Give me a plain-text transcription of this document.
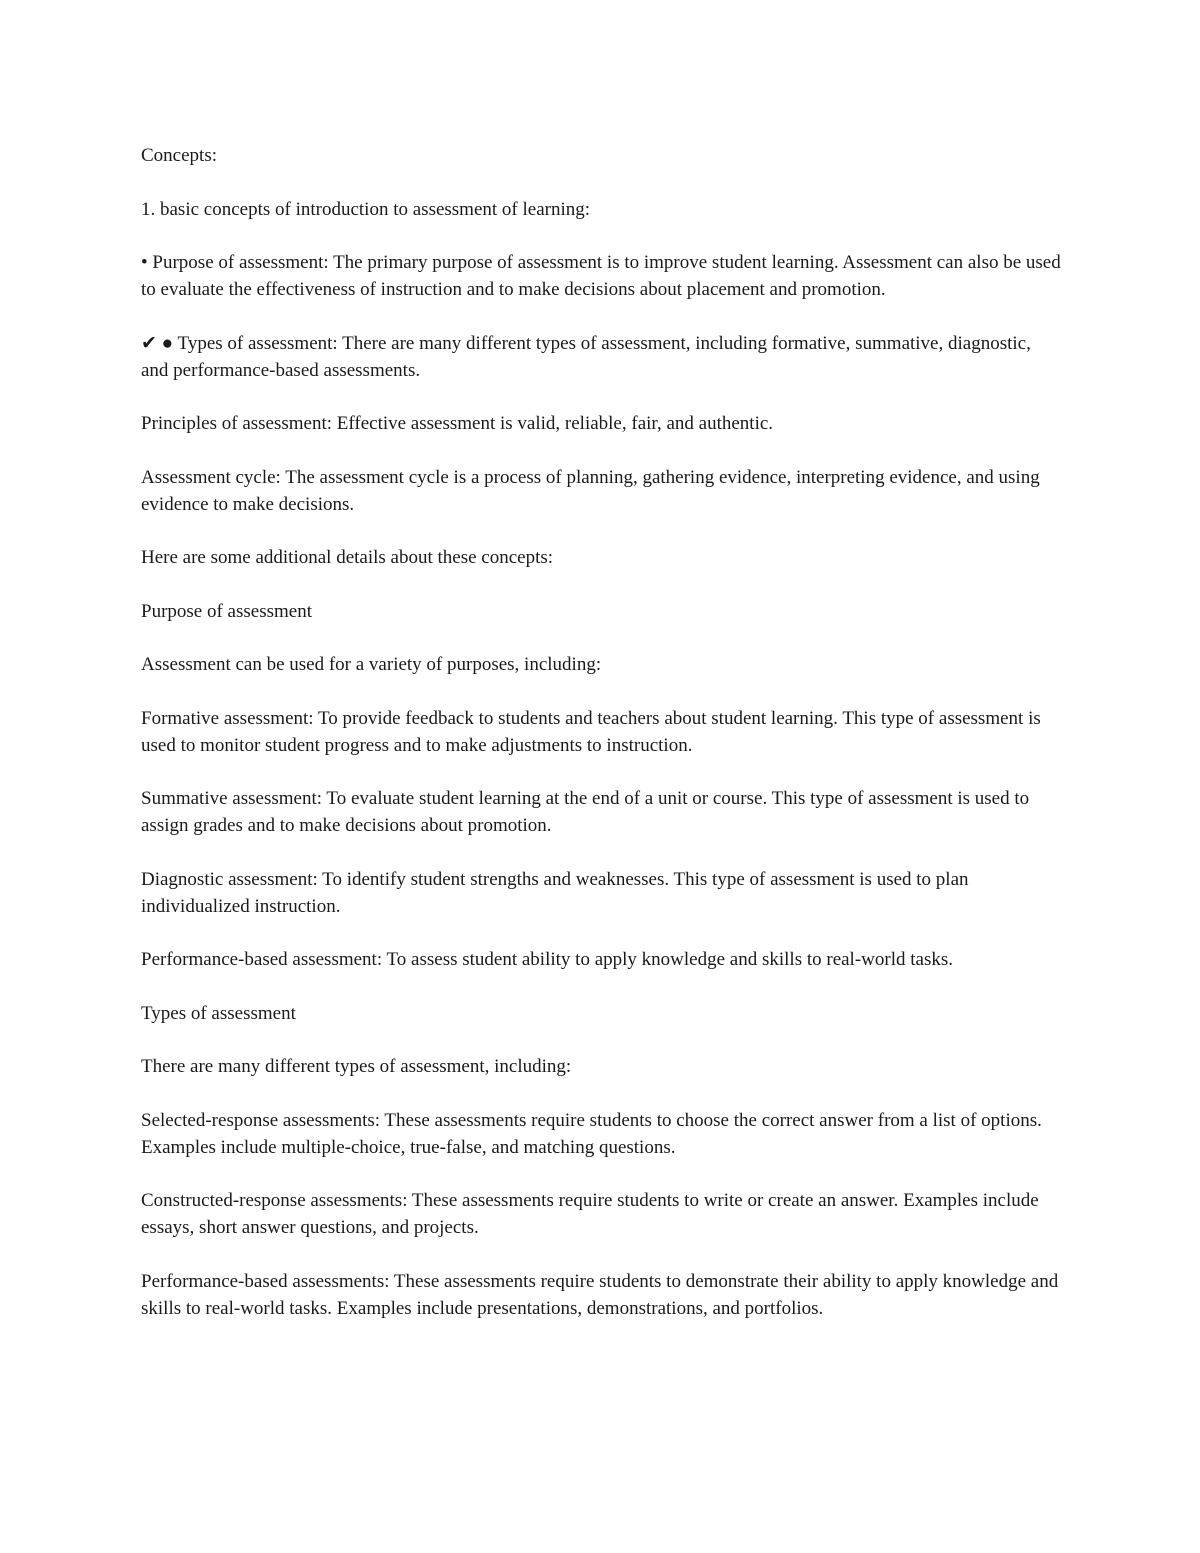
Concepts:

1. basic concepts of introduction to assessment of learning:

• Purpose of assessment: The primary purpose of assessment is to improve student learning. Assessment can also be used to evaluate the effectiveness of instruction and to make decisions about placement and promotion.

✔ ● Types of assessment: There are many different types of assessment, including formative, summative, diagnostic, and performance-based assessments.

Principles of assessment: Effective assessment is valid, reliable, fair, and authentic.

Assessment cycle: The assessment cycle is a process of planning, gathering evidence, interpreting evidence, and using evidence to make decisions.

Here are some additional details about these concepts:

Purpose of assessment

Assessment can be used for a variety of purposes, including:

Formative assessment: To provide feedback to students and teachers about student learning. This type of assessment is used to monitor student progress and to make adjustments to instruction.

Summative assessment: To evaluate student learning at the end of a unit or course. This type of assessment is used to assign grades and to make decisions about promotion.

Diagnostic assessment: To identify student strengths and weaknesses. This type of assessment is used to plan individualized instruction.

Performance-based assessment: To assess student ability to apply knowledge and skills to real-world tasks.

Types of assessment

There are many different types of assessment, including:

Selected-response assessments: These assessments require students to choose the correct answer from a list of options. Examples include multiple-choice, true-false, and matching questions.

Constructed-response assessments: These assessments require students to write or create an answer. Examples include essays, short answer questions, and projects.

Performance-based assessments: These assessments require students to demonstrate their ability to apply knowledge and skills to real-world tasks. Examples include presentations, demonstrations, and portfolios.
